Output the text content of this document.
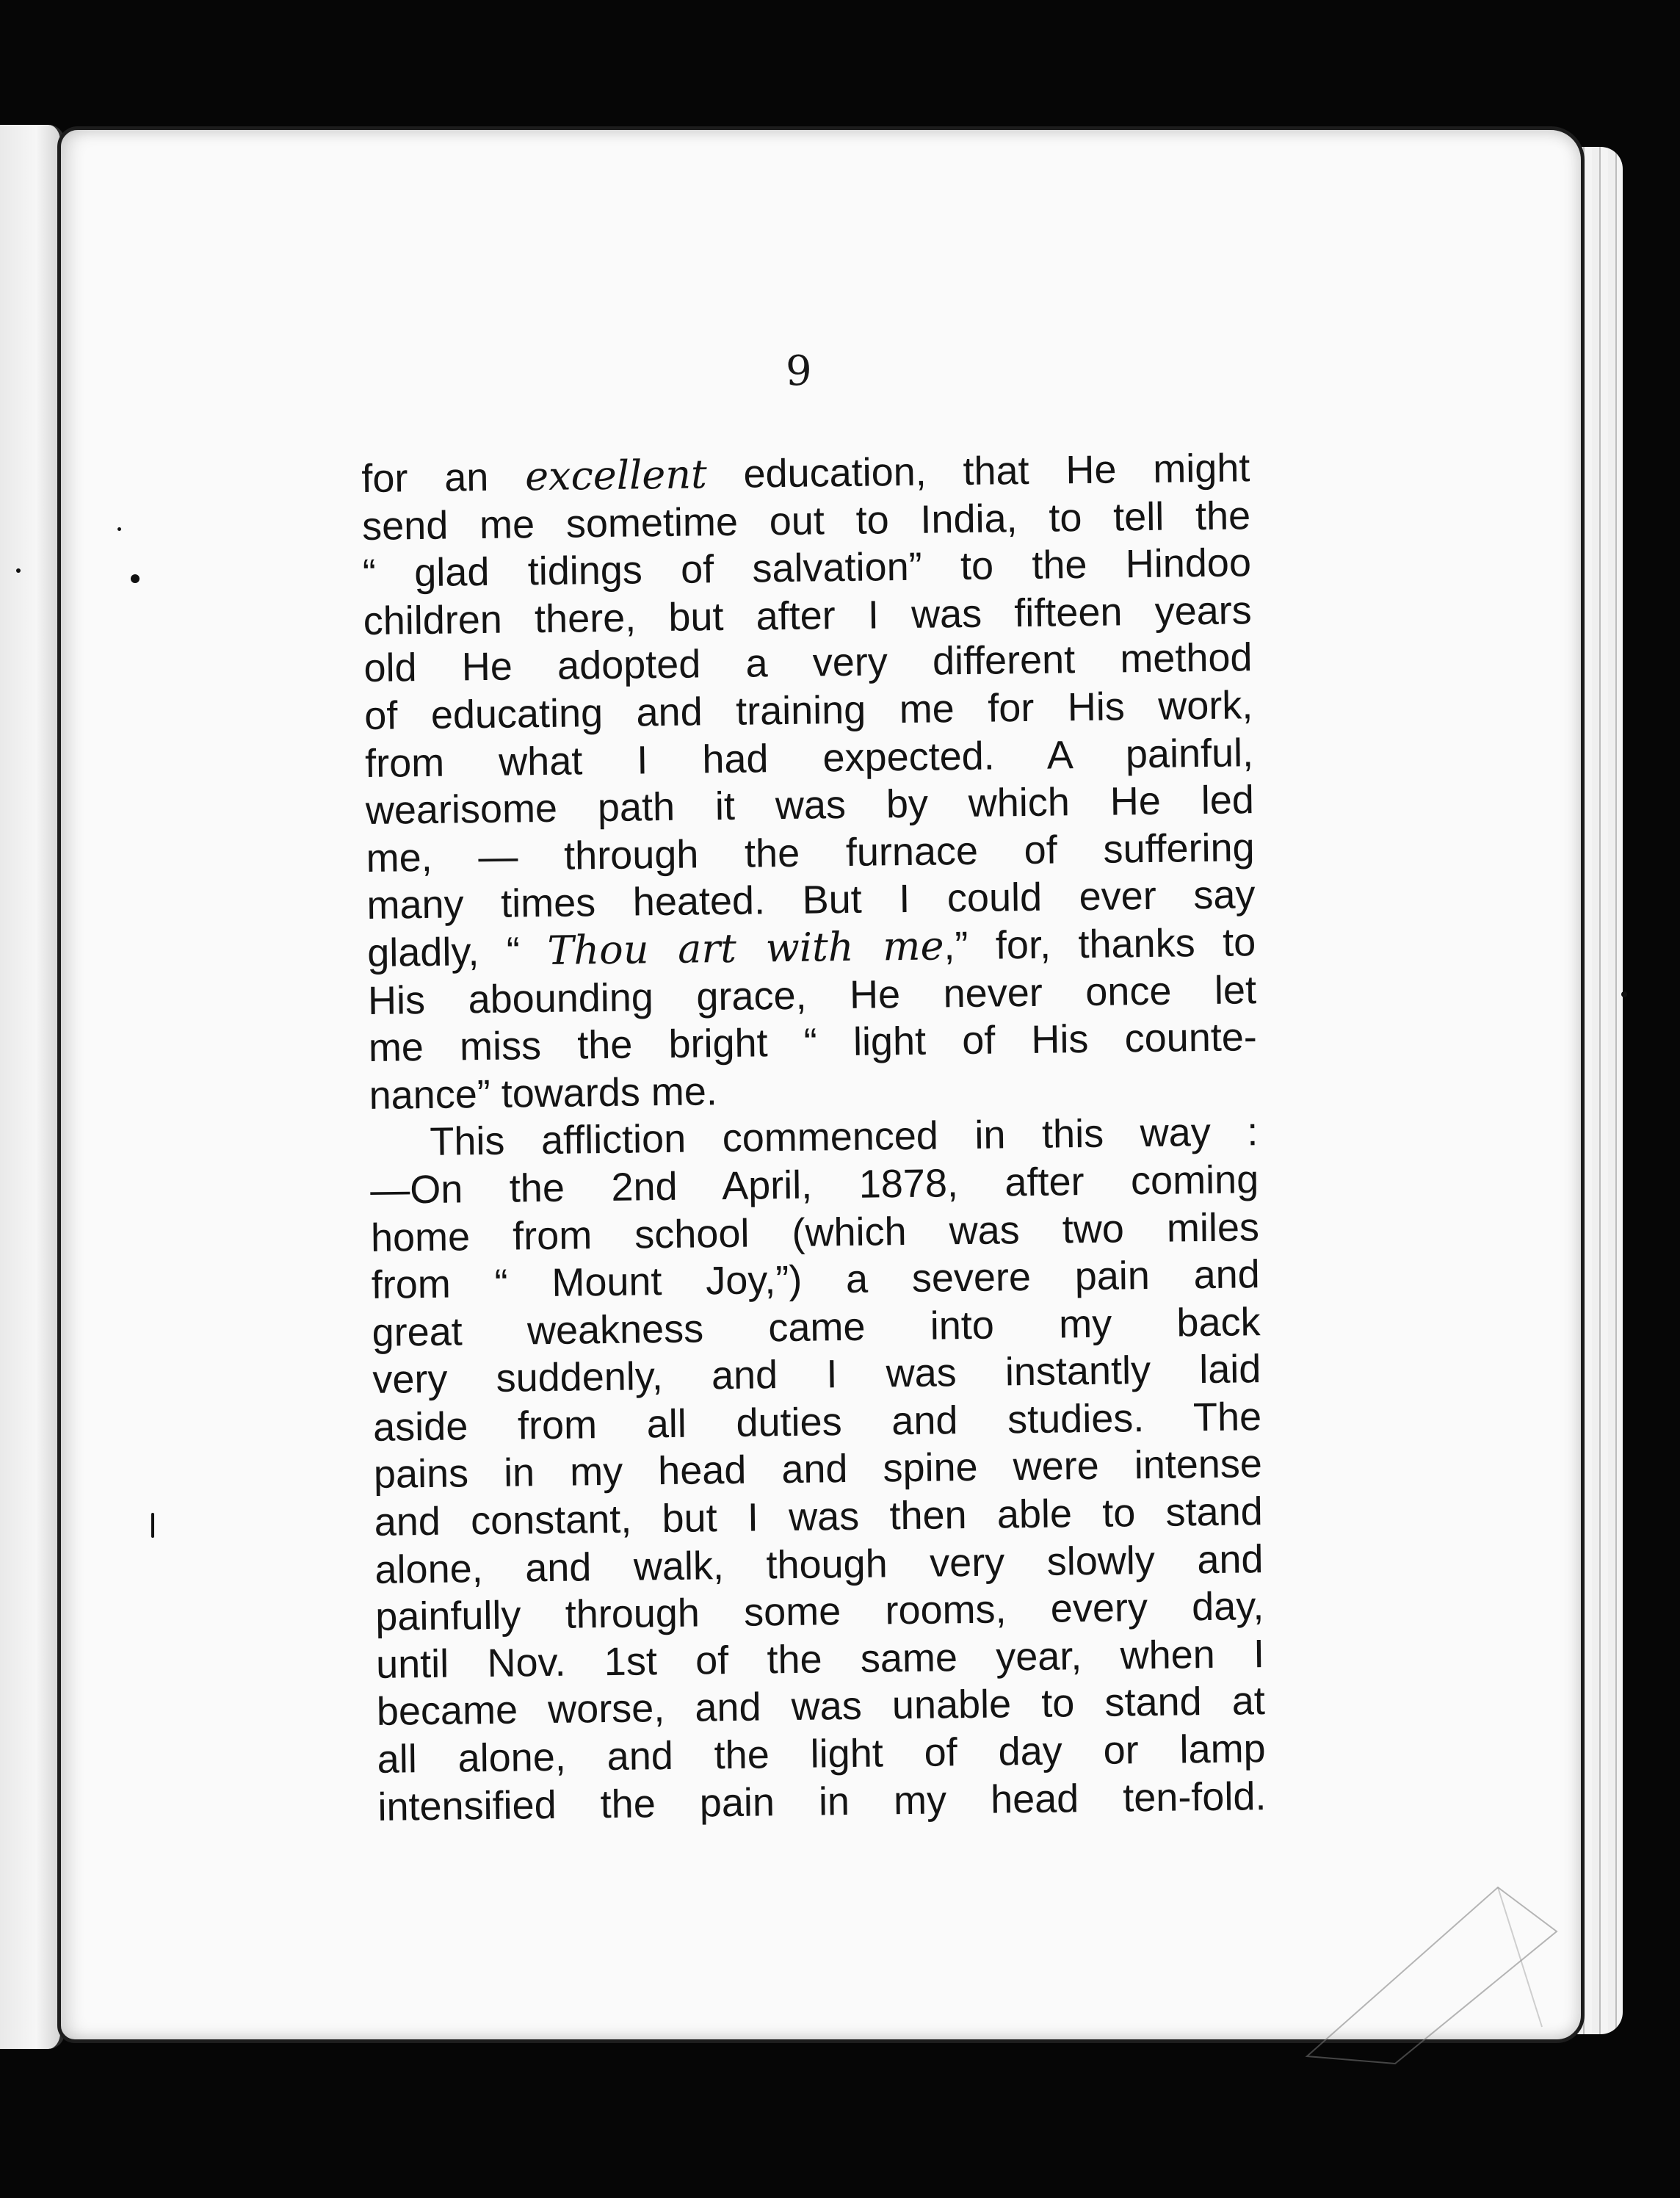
9
for an excellent education, that He might
send me sometime out to India, to tell the
“ glad tidings of salvation” to the Hindoo
children there, but after I was fifteen years
old He adopted a very different method
of educating and training me for His work,
from what I had expected. A painful,
wearisome path it was by which He led
me, — through the furnace of suffering
many times heated. But I could ever say
gladly, “ Thou art with me,” for, thanks to
His abounding grace, He never once let
me miss the bright “ light of His counte-
nance” towards me.
This affliction commenced in this way :
—On the 2nd April, 1878, after coming
home from school (which was two miles
from “ Mount Joy,”) a severe pain and
great weakness came into my back
very suddenly, and I was instantly laid
aside from all duties and studies. The
pains in my head and spine were intense
and constant, but I was then able to stand
alone, and walk, though very slowly and
painfully through some rooms, every day,
until Nov. 1st of the same year, when I
became worse, and was unable to stand at
all alone, and the light of day or lamp
intensified the pain in my head ten-fold.
